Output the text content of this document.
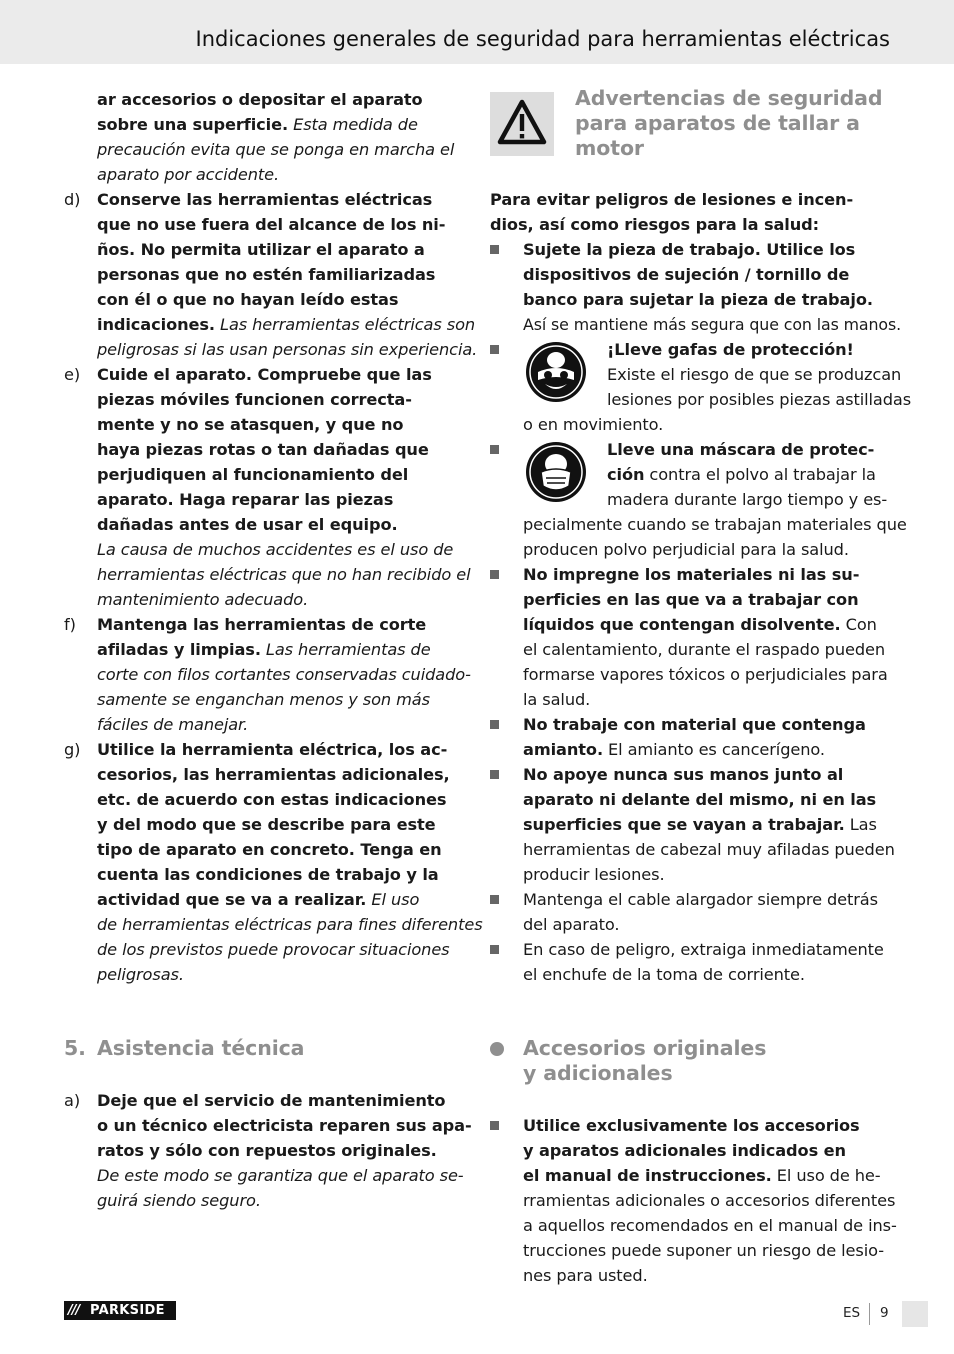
Indicaciones generales de seguridad para herramientas eléctricas
ar accesorios o depositar el aparato
sobre una superficie. Esta medida de
precaución evita que se ponga en marcha el
aparato por accidente.
d) Conserve las herramientas eléctricas
que no use fuera del alcance de los ni-
ños. No permita utilizar el aparato a
personas que no estén familiarizadas
con él o que no hayan leído estas
indicaciones. Las herramientas eléctricas son
peligrosas si las usan personas sin experiencia.
e) Cuide el aparato. Compruebe que las
piezas móviles funcionen correcta-
mente y no se atasquen, y que no
haya piezas rotas o tan dañadas que
perjudiquen al funcionamiento del
aparato. Haga reparar las piezas
dañadas antes de usar el equipo.
La causa de muchos accidentes es el uso de
herramientas eléctricas que no han recibido el
mantenimiento adecuado.
f) Mantenga las herramientas de corte
afiladas y limpias. Las herramientas de
corte con filos cortantes conservadas cuidado-
samente se enganchan menos y son más
fáciles de manejar.
g) Utilice la herramienta eléctrica, los ac-
cesorios, las herramientas adicionales,
etc. de acuerdo con estas indicaciones
y del modo que se describe para este
tipo de aparato en concreto. Tenga en
cuenta las condiciones de trabajo y la
actividad que se va a realizar. El uso
de herramientas eléctricas para fines diferentes
de los previstos puede provocar situaciones
peligrosas.
5. Asistencia técnica
a) Deje que el servicio de mantenimiento
o un técnico electricista reparen sus apa-
ratos y sólo con repuestos originales.
De este modo se garantiza que el aparato se-
guirá siendo seguro.
Advertencias de seguridad
para aparatos de tallar a
motor
Para evitar peligros de lesiones e incen-
dios, así como riesgos para la salud:
Sujete la pieza de trabajo. Utilice los
dispositivos de sujeción / tornillo de
banco para sujetar la pieza de trabajo.
Así se mantiene más segura que con las manos.
¡Lleve gafas de protección!
Existe el riesgo de que se produzcan
lesiones por posibles piezas astilladas
o en movimiento.
Lleve una máscara de protec-
ción contra el polvo al trabajar la
madera durante largo tiempo y es-
pecialmente cuando se trabajan materiales que
producen polvo perjudicial para la salud.
No impregne los materiales ni las su-
perficies en las que va a trabajar con
líquidos que contengan disolvente. Con
el calentamiento, durante el raspado pueden
formarse vapores tóxicos o perjudiciales para
la salud.
No trabaje con material que contenga
amianto. El amianto es cancerígeno.
No apoye nunca sus manos junto al
aparato ni delante del mismo, ni en las
superficies que se vayan a trabajar. Las
herramientas de cabezal muy afiladas pueden
producir lesiones.
Mantenga el cable alargador siempre detrás
del aparato.
En caso de peligro, extraiga inmediatamente
el enchufe de la toma de corriente.
Accesorios originales
y adicionales
Utilice exclusivamente los accesorios
y aparatos adicionales indicados en
el manual de instrucciones. El uso de he-
rramientas adicionales o accesorios diferentes
a aquellos recomendados en el manual de ins-
trucciones puede suponer un riesgo de lesio-
nes para usted.
/// PARKSIDE	ES 9
